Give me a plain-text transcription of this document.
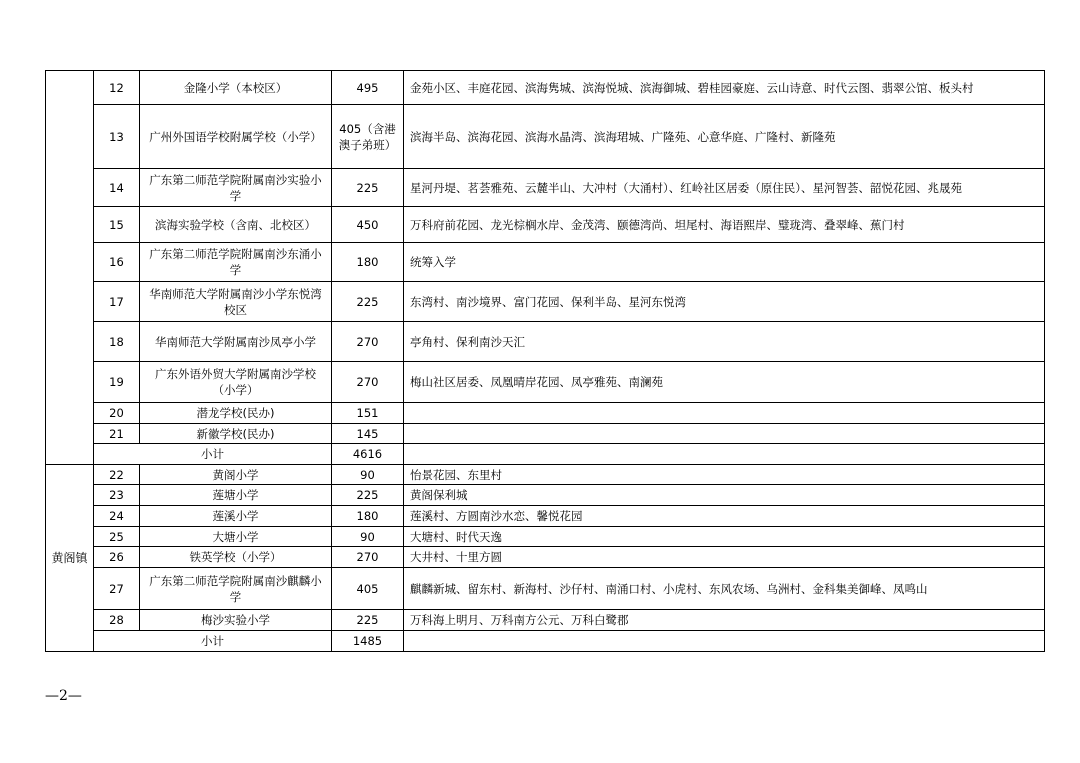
	12	金隆小学（本校区）	495	金苑小区、丰庭花园、滨海隽城、滨海悦城、滨海御城、碧桂园豪庭、云山诗意、时代云图、翡翠公馆、板头村
	13	广州外国语学校附属学校（小学）	405（含港澳子弟班）	滨海半岛、滨海花园、滨海水晶湾、滨海珺城、广隆苑、心意华庭、广隆村、新隆苑
	14	广东第二师范学院附属南沙实验小学	225	星河丹堤、茗荟雅苑、云麓半山、大冲村（大涌村）、红岭社区居委（原住民）、星河智荟、韶悦花园、兆晟苑
	15	滨海实验学校（含南、北校区）	450	万科府前花园、龙光棕榈水岸、金茂湾、颐德湾尚、坦尾村、海语熙岸、璧珑湾、叠翠峰、蕉门村
	16	广东第二师范学院附属南沙东涌小学	180	统筹入学
	17	华南师范大学附属南沙小学东悦湾校区	225	东湾村、南沙境界、富门花园、保利半岛、星河东悦湾
	18	华南师范大学附属南沙凤亭小学	270	亭角村、保利南沙天汇
	19	广东外语外贸大学附属南沙学校（小学）	270	梅山社区居委、凤凰晴岸花园、凤亭雅苑、南澜苑
	20	潜龙学校(民办)	151	
	21	新徽学校(民办)	145	
	小计		4616	
黄阁镇	22	黄阁小学	90	怡景花园、东里村
	23	莲塘小学	225	黄阁保利城
	24	莲溪小学	180	莲溪村、方圆南沙水恋、馨悦花园
	25	大塘小学	90	大塘村、时代天逸
	26	铁英学校（小学）	270	大井村、十里方圆
	27	广东第二师范学院附属南沙麒麟小学	405	麒麟新城、留东村、新海村、沙仔村、南涌口村、小虎村、东风农场、乌洲村、金科集美御峰、凤鸣山
	28	梅沙实验小学	225	万科海上明月、万科南方公元、万科白鹭郡
	小计		1485	
—2—
